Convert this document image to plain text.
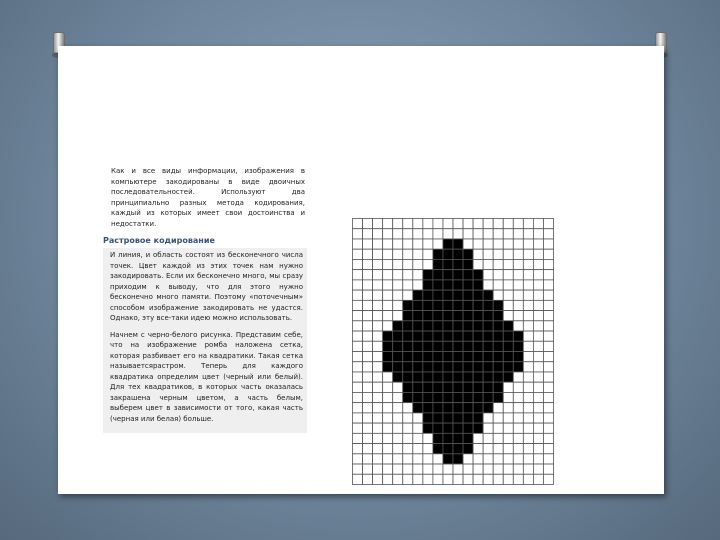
Как и все виды информации, изображения в компьютере закодированы в виде двоичных последовательностей. Используют два принципиально разных метода кодирования, каждый из которых имеет свои достоинства и недостатки.

Растровое кодирование

И линия, и область состоят из бесконечного числа точек. Цвет каждой из этих точек нам нужно закодировать. Если их бесконечно много, мы сразу приходим к выводу, что для этого нужно бесконечно много памяти. Поэтому «поточечным» способом изображение закодировать не удастся. Однако, эту все-таки идею можно использовать.

Начнем с черно-белого рисунка. Представим себе, что на изображение ромба наложена сетка, которая разбивает его на квадратики. Такая сетка называетсярастром. Теперь для каждого квадратика определим цвет (черный или белый). Для тех квадратиков, в которых часть оказалась закрашена черным цветом, а часть белым, выберем цвет в зависимости от того, какая часть (черная или белая) больше.
